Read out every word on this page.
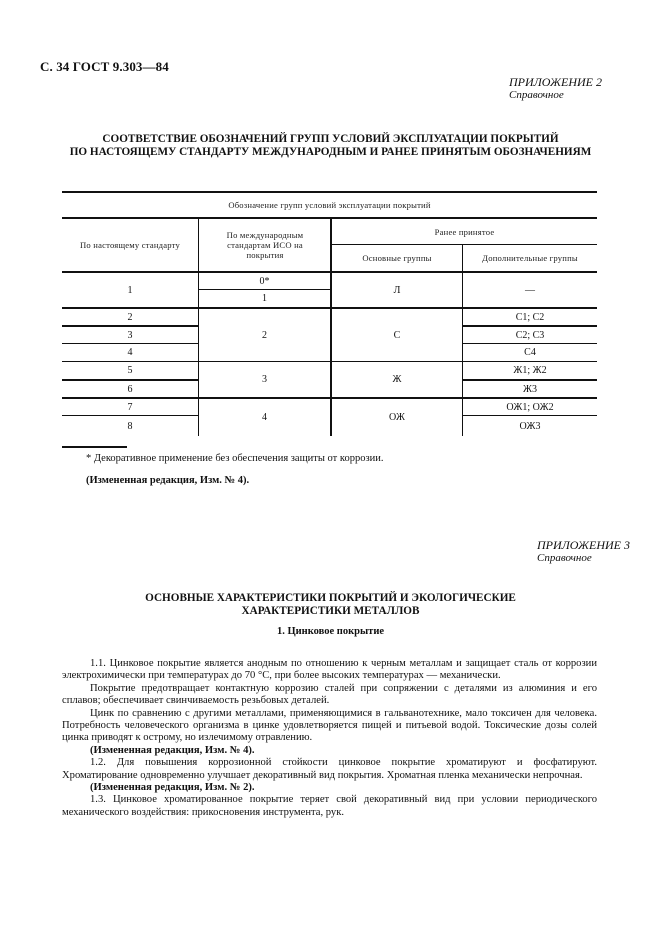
С. 34 ГОСТ 9.303—84
ПРИЛОЖЕНИЕ 2
Справочное
СООТВЕТСТВИЕ ОБОЗНАЧЕНИЙ ГРУПП УСЛОВИЙ ЭКСПЛУАТАЦИИ ПОКРЫТИЙ
ПО НАСТОЯЩЕМУ СТАНДАРТУ МЕЖДУНАРОДНЫМ И РАНЕЕ ПРИНЯТЫМ ОБОЗНАЧЕНИЯМ
Обозначение групп условий эксплуатации покрытий
По настоящему стандарту
По международным стандартам ИСО на покрытия
Ранее принятое
Основные группы	Дополнительные группы
1
2
3
4
5
6
7
8
0*
1
2
3
4
Л
С
Ж
ОЖ
—
С1; С2
С2; С3
С4
Ж1; Ж2
Ж3
ОЖ1; ОЖ2
ОЖ3
* Декоративное применение без обеспечения защиты от коррозии.
(Измененная редакция, Изм. № 4).
ПРИЛОЖЕНИЕ 3
Справочное
ОСНОВНЫЕ ХАРАКТЕРИСТИКИ ПОКРЫТИЙ И ЭКОЛОГИЧЕСКИЕ
ХАРАКТЕРИСТИКИ МЕТАЛЛОВ
1. Цинковое покрытие

1.1. Цинковое покрытие является анодным по отношению к черным металлам и защищает сталь от коррозии электрохимически при температурах до 70 °С, при более высоких температурах — механически.

Покрытие предотвращает контактную коррозию сталей при сопряжении с деталями из алюминия и его сплавов; обеспечивает свинчиваемость резьбовых деталей.

Цинк по сравнению с другими металлами, применяющимися в гальванотехнике, мало токсичен для человека. Потребность человеческого организма в цинке удовлетворяется пищей и питьевой водой. Токсические дозы солей цинка приводят к острому, но излечимому отравлению.

(Измененная редакция, Изм. № 4).

1.2. Для повышения коррозионной стойкости цинковое покрытие хроматируют и фосфатируют. Хроматирование одновременно улучшает декоративный вид покрытия. Хроматная пленка механически непрочная.

(Измененная редакция, Изм. № 2).

1.3. Цинковое хроматированное покрытие теряет свой декоративный вид при условии периодического механического воздействия: прикосновения инструмента, рук.
